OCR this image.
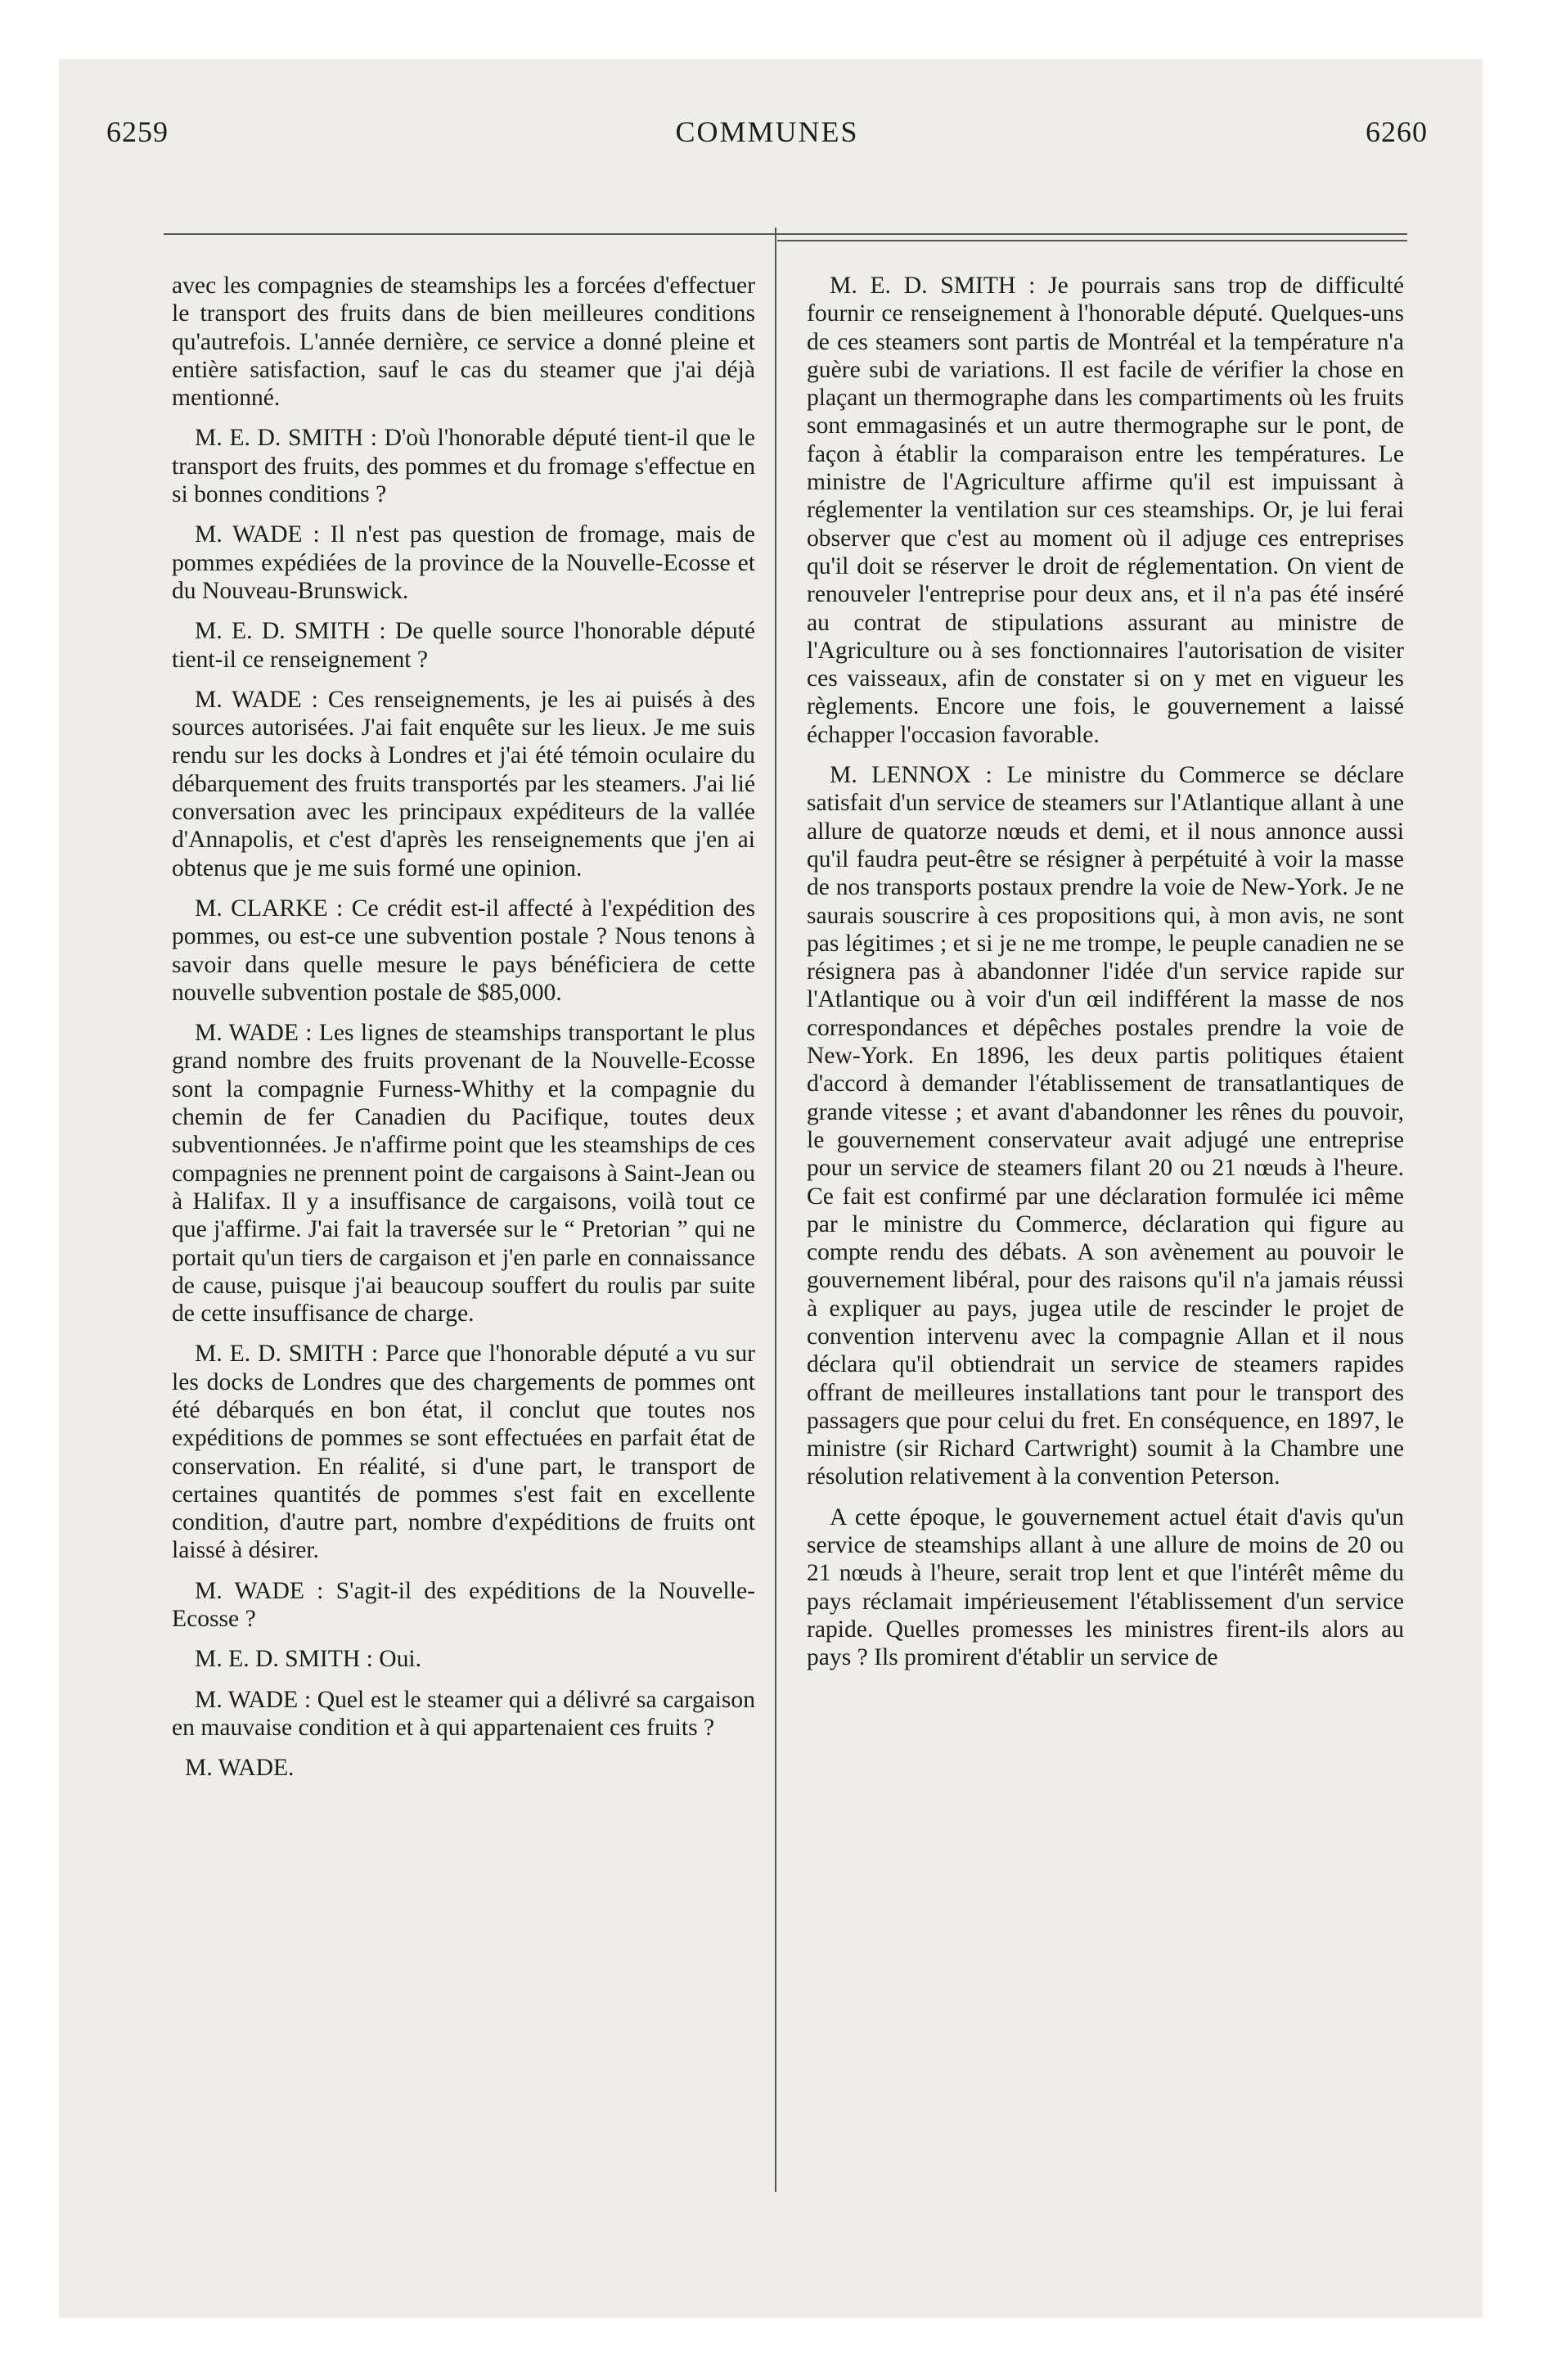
6259	COMMUNES	6260

avec les compagnies de steamships les a forcées d'effectuer le transport des fruits dans de bien meilleures conditions qu'autrefois. L'année dernière, ce service a donné pleine et entière satisfaction, sauf le cas du steamer que j'ai déjà mentionné.

M. E. D. SMITH : D'où l'honorable député tient-il que le transport des fruits, des pommes et du fromage s'effectue en si bonnes conditions ?

M. WADE : Il n'est pas question de fromage, mais de pommes expédiées de la province de la Nouvelle-Ecosse et du Nouveau-Brunswick.

M. E. D. SMITH : De quelle source l'honorable député tient-il ce renseignement ?

M. WADE : Ces renseignements, je les ai puisés à des sources autorisées. J'ai fait enquête sur les lieux. Je me suis rendu sur les docks à Londres et j'ai été témoin oculaire du débarquement des fruits transportés par les steamers. J'ai lié conversation avec les principaux expéditeurs de la vallée d'Annapolis, et c'est d'après les renseignements que j'en ai obtenus que je me suis formé une opinion.

M. CLARKE : Ce crédit est-il affecté à l'expédition des pommes, ou est-ce une subvention postale ? Nous tenons à savoir dans quelle mesure le pays bénéficiera de cette nouvelle subvention postale de $85,000.

M. WADE : Les lignes de steamships transportant le plus grand nombre des fruits provenant de la Nouvelle-Ecosse sont la compagnie Furness-Whithy et la compagnie du chemin de fer Canadien du Pacifique, toutes deux subventionnées. Je n'affirme point que les steamships de ces compagnies ne prennent point de cargaisons à Saint-Jean ou à Halifax. Il y a insuffisance de cargaisons, voilà tout ce que j'affirme. J'ai fait la traversée sur le “ Pretorian ” qui ne portait qu'un tiers de cargaison et j'en parle en connaissance de cause, puisque j'ai beaucoup souffert du roulis par suite de cette insuffisance de charge.

M. E. D. SMITH : Parce que l'honorable député a vu sur les docks de Londres que des chargements de pommes ont été débarqués en bon état, il conclut que toutes nos expéditions de pommes se sont effectuées en parfait état de conservation. En réalité, si d'une part, le transport de certaines quantités de pommes s'est fait en excellente condition, d'autre part, nombre d'expéditions de fruits ont laissé à désirer.

M. WADE : S'agit-il des expéditions de la Nouvelle-Ecosse ?

M. E. D. SMITH : Oui.

M. WADE : Quel est le steamer qui a délivré sa cargaison en mauvaise condition et à qui appartenaient ces fruits ?

M. WADE.

M. E. D. SMITH : Je pourrais sans trop de difficulté fournir ce renseignement à l'honorable député. Quelques-uns de ces steamers sont partis de Montréal et la température n'a guère subi de variations. Il est facile de vérifier la chose en plaçant un thermographe dans les compartiments où les fruits sont emmagasinés et un autre thermographe sur le pont, de façon à établir la comparaison entre les températures. Le ministre de l'Agriculture affirme qu'il est impuissant à réglementer la ventilation sur ces steamships. Or, je lui ferai observer que c'est au moment où il adjuge ces entreprises qu'il doit se réserver le droit de réglementation. On vient de renouveler l'entreprise pour deux ans, et il n'a pas été inséré au contrat de stipulations assurant au ministre de l'Agriculture ou à ses fonctionnaires l'autorisation de visiter ces vaisseaux, afin de constater si on y met en vigueur les règlements. Encore une fois, le gouvernement a laissé échapper l'occasion favorable.

M. LENNOX : Le ministre du Commerce se déclare satisfait d'un service de steamers sur l'Atlantique allant à une allure de quatorze nœuds et demi, et il nous annonce aussi qu'il faudra peut-être se résigner à perpétuité à voir la masse de nos transports postaux prendre la voie de New-York. Je ne saurais souscrire à ces propositions qui, à mon avis, ne sont pas légitimes ; et si je ne me trompe, le peuple canadien ne se résignera pas à abandonner l'idée d'un service rapide sur l'Atlantique ou à voir d'un œil indifférent la masse de nos correspondances et dépêches postales prendre la voie de New-York. En 1896, les deux partis politiques étaient d'accord à demander l'établissement de transatlantiques de grande vitesse ; et avant d'abandonner les rênes du pouvoir, le gouvernement conservateur avait adjugé une entreprise pour un service de steamers filant 20 ou 21 nœuds à l'heure. Ce fait est confirmé par une déclaration formulée ici même par le ministre du Commerce, déclaration qui figure au compte rendu des débats. A son avènement au pouvoir le gouvernement libéral, pour des raisons qu'il n'a jamais réussi à expliquer au pays, jugea utile de rescinder le projet de convention intervenu avec la compagnie Allan et il nous déclara qu'il obtiendrait un service de steamers rapides offrant de meilleures installations tant pour le transport des passagers que pour celui du fret. En conséquence, en 1897, le ministre (sir Richard Cartwright) soumit à la Chambre une résolution relativement à la convention Peterson.

A cette époque, le gouvernement actuel était d'avis qu'un service de steamships allant à une allure de moins de 20 ou 21 nœuds à l'heure, serait trop lent et que l'intérêt même du pays réclamait impérieusement l'établissement d'un service rapide. Quelles promesses les ministres firent-ils alors au pays ? Ils promirent d'établir un service de
